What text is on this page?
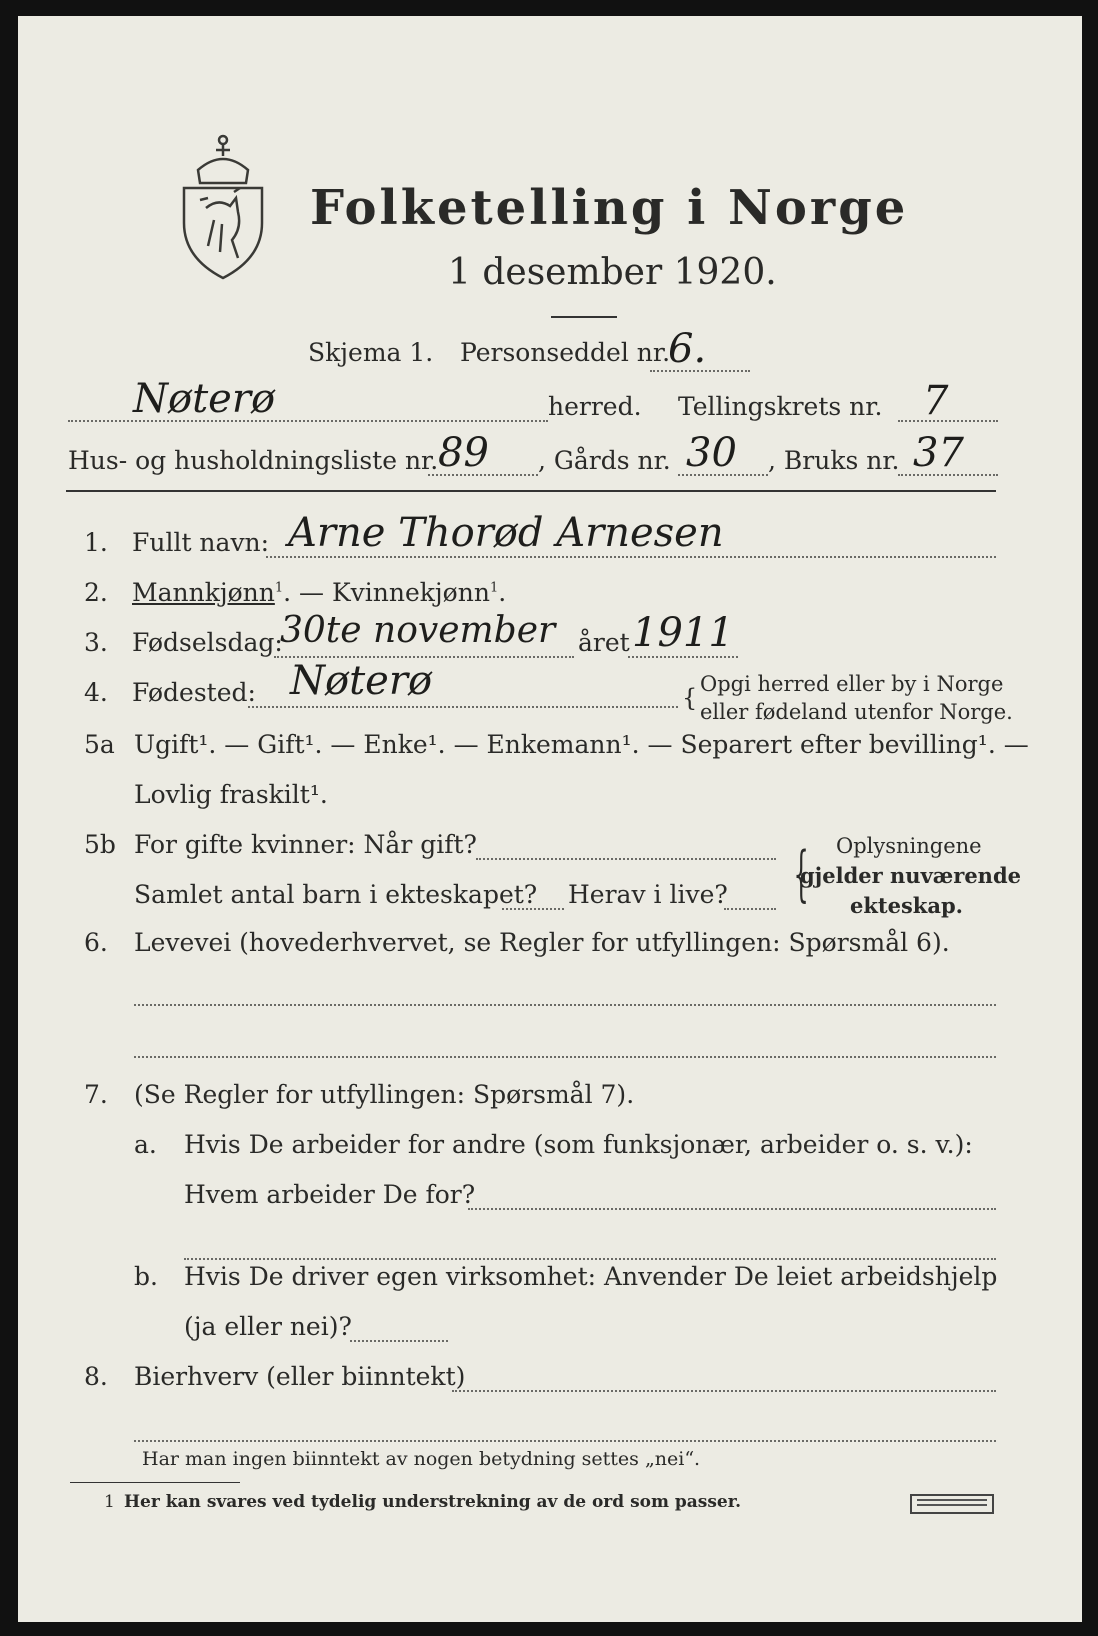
Folketelling i Norge
1 desember 1920.
Skjema 1. Personseddel nr.
6.
Nøterø	herred. Tellingskrets nr. 7
Hus- og husholdningsliste nr. 89 , Gårds nr. 30 , Bruks nr. 37
1. Fullt navn: Arne Thorød Arnesen
2. Mannkjønn$^1$. — Kvinnekjønn$^1$.
3. Fødselsdag:
30te november året 1911
4. Fødested: Nøterø	{ Opgi herred eller by i Norge
eller fødeland utenfor Norge.
5a Ugift¹. — Gift¹. — Enke¹. — Enkemann¹. — Separert efter bevilling¹. —
Lovlig fraskilt¹.
5b For gifte kvinner: Når gift?
Samlet antal barn i ekteskapet? Herav i live? { Oplysningene
gjelder nuværende
ekteskap.
6. Levevei (hovederhvervet, se Regler for utfyllingen: Spørsmål 6).
7. (Se Regler for utfyllingen: Spørsmål 7).
a. Hvis De arbeider for andre (som funksjonær, arbeider o. s. v.):
Hvem arbeider De for?
b. Hvis De driver egen virksomhet: Anvender De leiet arbeidshjelp
(ja eller nei)?
8. Bierhverv (eller biinntekt)
Har man ingen biinntekt av nogen betydning settes „nei“.
1 Her kan svares ved tydelig understrekning av de ord som passer.
